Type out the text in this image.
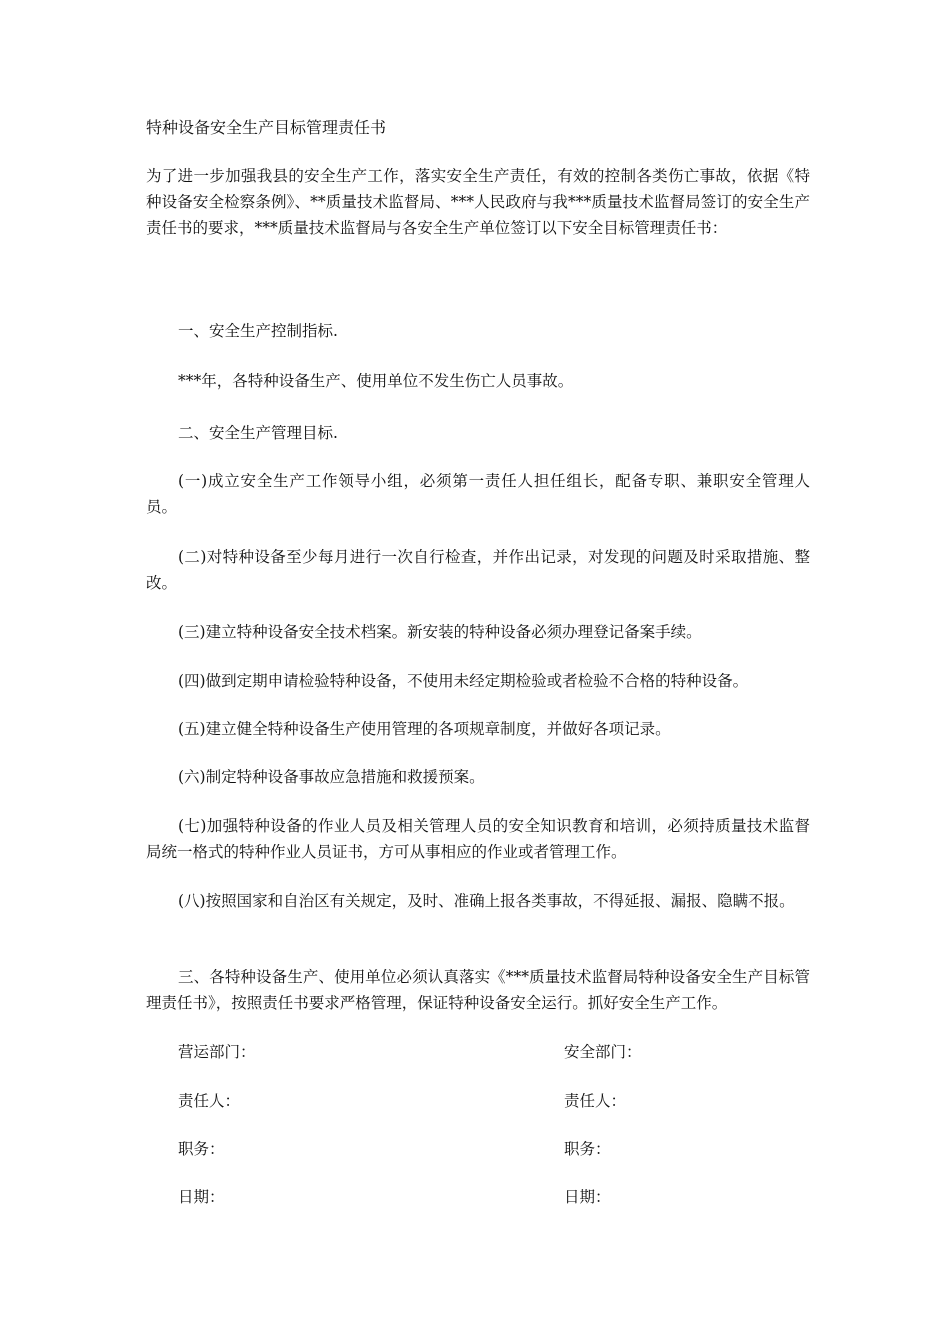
特种设备安全生产目标管理责任书

为了进一步加强我县的安全生产工作，落实安全生产责任，有效的控制各类伤亡事故，依据《特种设备安全检察条例》、**质量技术监督局、***人民政府与我***质量技术监督局签订的安全生产责任书的要求，***质量技术监督局与各安全生产单位签订以下安全目标管理责任书：

一、安全生产控制指标.

***年，各特种设备生产、使用单位不发生伤亡人员事故。

二、安全生产管理目标.

(一)成立安全生产工作领导小组，必须第一责任人担任组长，配备专职、兼职安全管理人员。

(二)对特种设备至少每月进行一次自行检查，并作出记录，对发现的问题及时采取措施、整改。

(三)建立特种设备安全技术档案。新安装的特种设备必须办理登记备案手续。

(四)做到定期申请检验特种设备，不使用未经定期检验或者检验不合格的特种设备。

(五)建立健全特种设备生产使用管理的各项规章制度，并做好各项记录。

(六)制定特种设备事故应急措施和救援预案。

(七)加强特种设备的作业人员及相关管理人员的安全知识教育和培训，必须持质量技术监督局统一格式的特种作业人员证书，方可从事相应的作业或者管理工作。

(八)按照国家和自治区有关规定，及时、准确上报各类事故，不得延报、漏报、隐瞒不报。

三、各特种设备生产、使用单位必须认真落实《***质量技术监督局特种设备安全生产目标管理责任书》，按照责任书要求严格管理，保证特种设备安全运行。抓好安全生产工作。

营运部门：	安全部门：
责任人：	责任人：
职务：	职务：
日期：	日期：
